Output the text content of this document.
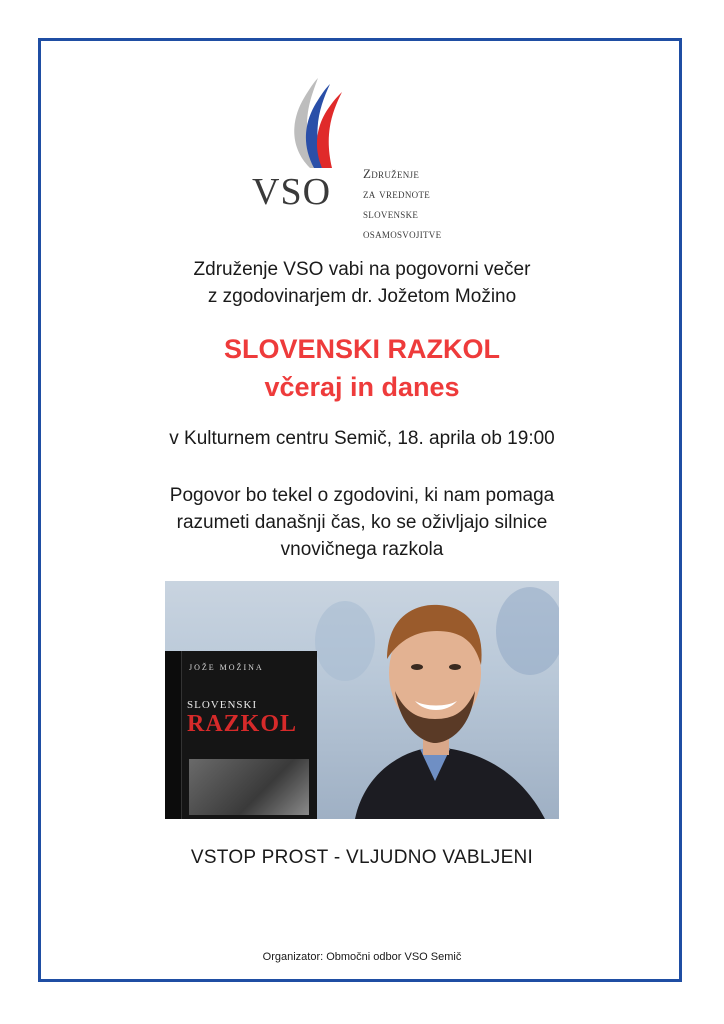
VSO Združenje
za vrednote
slovenske
osamosvojitve
Združenje VSO vabi na pogovorni večer
z zgodovinarjem dr. Jožetom Možino
SLOVENSKI RAZKOL
včeraj in danes
v Kulturnem centru Semič, 18. aprila ob 19:00
Pogovor bo tekel o zgodovini, ki nam pomaga
razumeti današnji čas, ko se oživljajo silnice
vnovičnega razkola
JOŽE MOŽINA
SLOVENSKI
RAZKOL
VSTOP PROST - VLJUDNO VABLJENI
Organizator: Območni odbor VSO Semič
